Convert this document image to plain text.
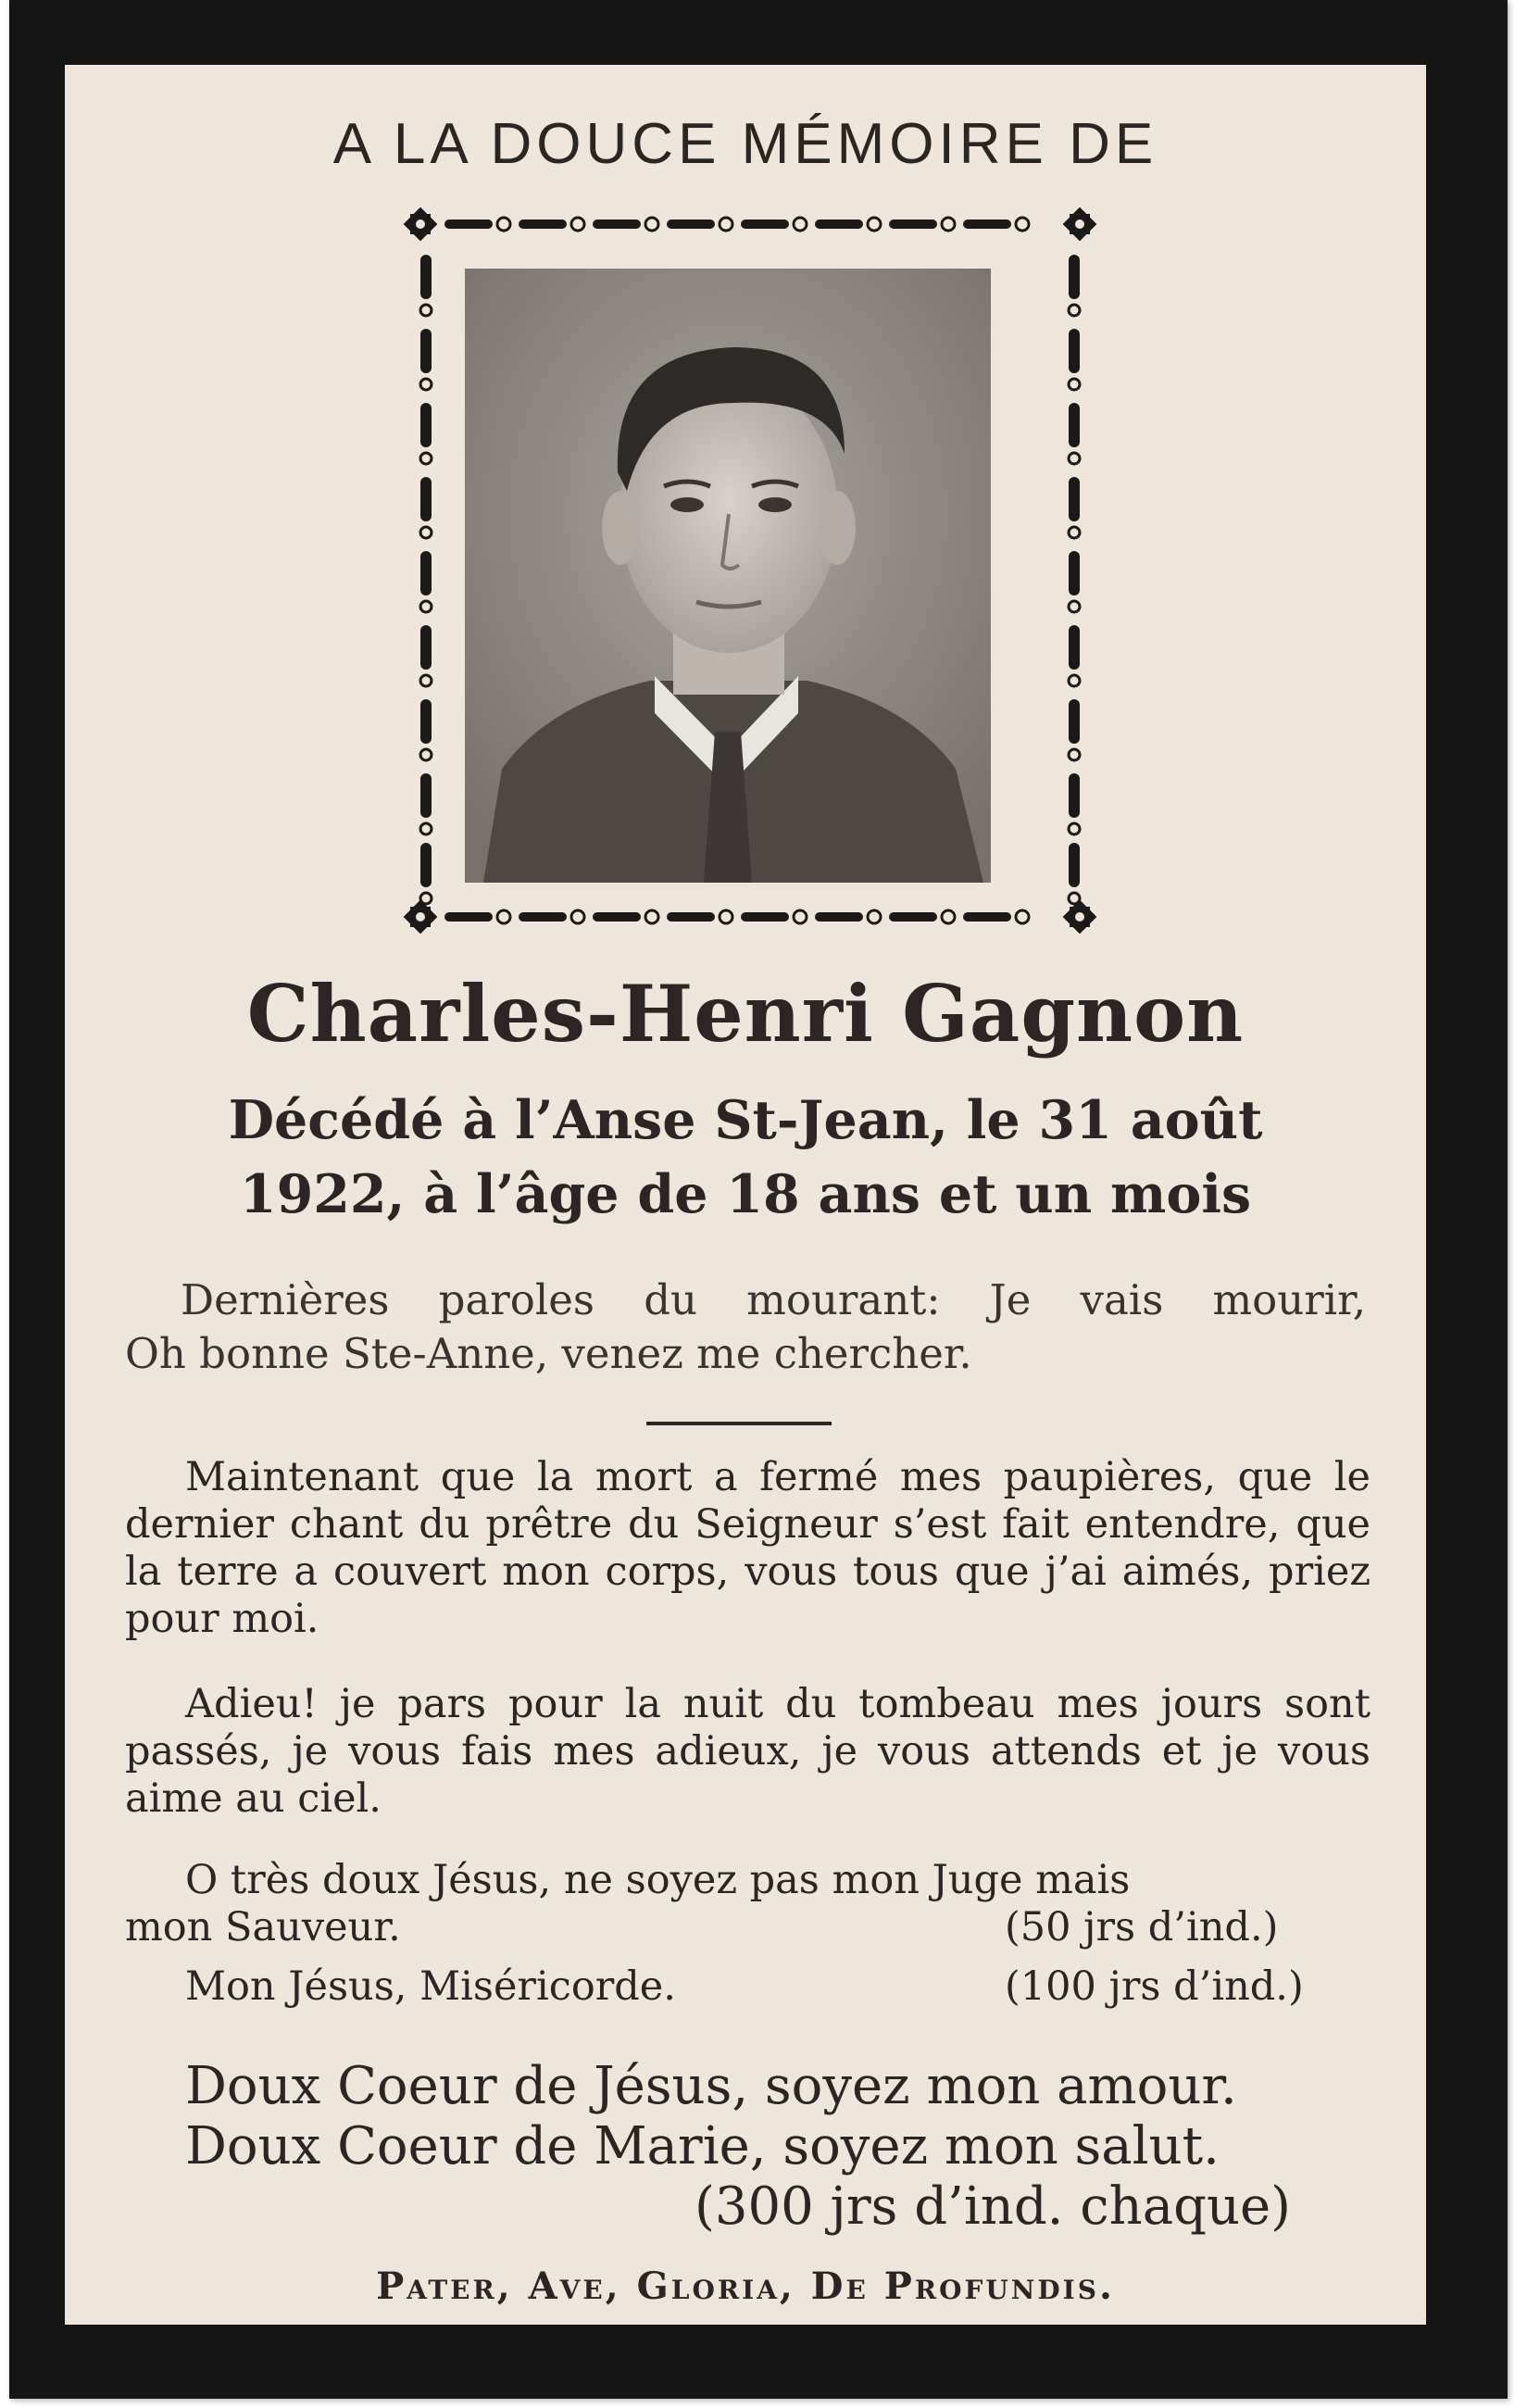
A LA DOUCE MÉMOIRE DE
Charles-Henri Gagnon
Décédé à l’Anse St-Jean, le 31 août
1922, à l’âge de 18 ans et un mois
Dernières paroles du mourant: Je vais mourir,
Oh bonne Ste-Anne, venez me chercher.
Maintenant que la mort a fermé mes paupières, que le dernier chant du prêtre du Seigneur s’est fait entendre, que la terre a couvert mon corps, vous tous que j’ai aimés, priez pour moi.
Adieu! je pars pour la nuit du tombeau mes jours sont passés, je vous fais mes adieux, je vous attends et je vous aime au ciel.
O très doux Jésus, ne soyez pas mon Juge mais
mon Sauveur.	(50 jrs d’ind.)
Mon Jésus, Miséricorde.	(100 jrs d’ind.)
Doux Coeur de Jésus, soyez mon amour.
Doux Coeur de Marie, soyez mon salut.
(300 jrs d’ind. chaque)
Pater, Ave, Gloria, De Profundis.
